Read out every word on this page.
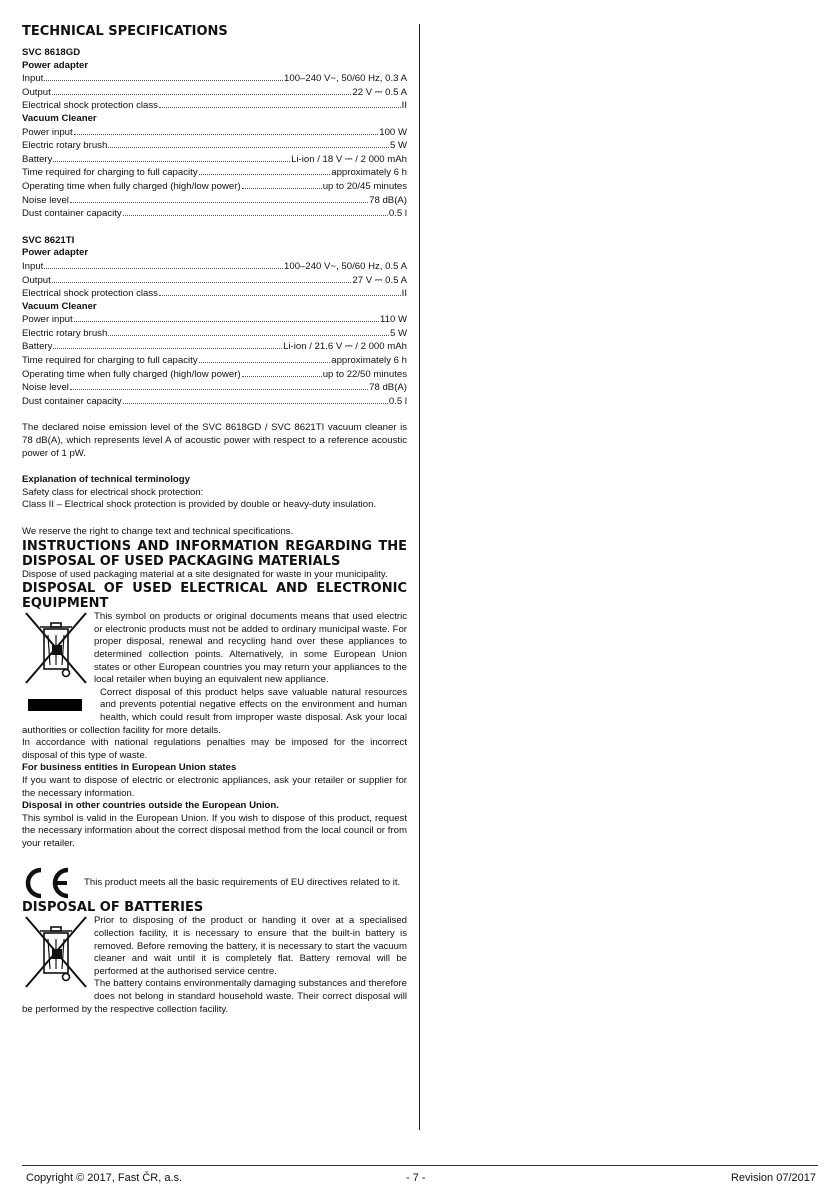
TECHNICAL SPECIFICATIONS

SVC 8618GD

Power adapter

Input	100–240 V~, 50/60 Hz, 0.3 A
Output	22 V ⎓ 0.5 A
Electrical shock protection class	II

Vacuum Cleaner

Power input	100 W
Electric rotary brush	5 W
Battery	Li-ion / 18 V ⎓ / 2 000 mAh
Time required for charging to full capacity	approximately 6 h
Operating time when fully charged (high/low power)	up to 20/45 minutes
Noise level	78 dB(A)
Dust container capacity	0.5 l

SVC 8621TI

Power adapter

Input	100–240 V~, 50/60 Hz, 0.5 A
Output	27 V ⎓ 0.5 A
Electrical shock protection class	II

Vacuum Cleaner

Power input	110 W
Electric rotary brush	5 W
Battery	Li-ion / 21.6 V ⎓ / 2 000 mAh
Time required for charging to full capacity	approximately 6 h
Operating time when fully charged (high/low power)	up to 22/50 minutes
Noise level	78 dB(A)
Dust container capacity	0.5 l

The declared noise emission level of the SVC 8618GD / SVC 8621TI vacuum cleaner is 78 dB(A), which represents level A of acoustic power with respect to a reference acoustic power of 1 pW.

Explanation of technical terminology

Safety class for electrical shock protection:

Class II – Electrical shock protection is provided by double or heavy-duty insulation.

We reserve the right to change text and technical specifications.

INSTRUCTIONS AND INFORMATION REGARDING THE
DISPOSAL OF USED PACKAGING MATERIALS

Dispose of used packaging material at a site designated for waste in your municipality.

DISPOSAL OF USED ELECTRICAL AND ELECTRONIC
EQUIPMENT

This symbol on products or original documents means that used electric or electronic products must not be added to ordinary municipal waste. For proper disposal, renewal and recycling hand over these appliances to determined collection points. Alternatively, in some European Union states or other European countries you may return your appliances to the local retailer when buying an equivalent new appliance.

Correct disposal of this product helps save valuable natural resources and prevents potential negative effects on the environment and human health, which could result from improper waste disposal. Ask your local authorities or collection facility for more details.

In accordance with national regulations penalties may be imposed for the incorrect disposal of this type of waste.

For business entities in European Union states

If you want to dispose of electric or electronic appliances, ask your retailer or supplier for the necessary information.

Disposal in other countries outside the European Union.

This symbol is valid in the European Union. If you wish to dispose of this product, request the necessary information about the correct disposal method from the local council or from your retailer.

This product meets all the basic requirements of EU directives related to it.
DISPOSAL OF BATTERIES

Prior to disposing of the product or handing it over at a specialised collection facility, it is necessary to ensure that the built-in battery is removed. Before removing the battery, it is necessary to start the vacuum cleaner and wait until it is completely flat. Battery removal will be performed at the authorised service centre.

The battery contains environmentally damaging substances and therefore does not belong in standard household waste. Their correct disposal will be performed by the respective collection facility.

Copyright © 2017, Fast ČR, a.s.	- 7 -	Revision 07/2017
